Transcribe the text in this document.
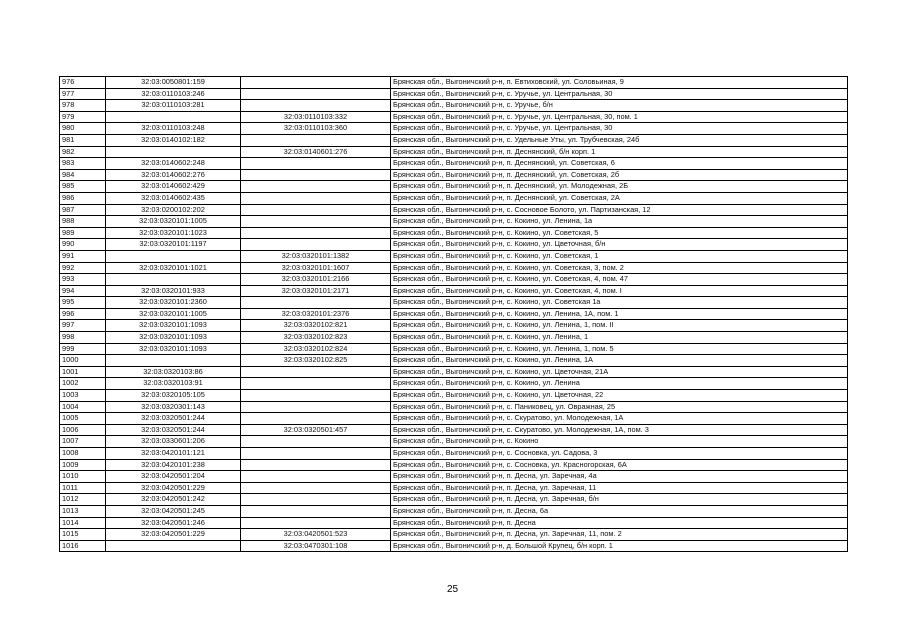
976	32:03:0050801:159		Брянская обл., Выгоничский р-н, п. Евтиховский, ул. Соловьиная, 9
977	32:03:0110103:246		Брянская обл., Выгоничский р-н, с. Уручье, ул. Центральная, 30
978	32:03:0110103:281		Брянская обл., Выгоничский р-н, с. Уручье, б/н
979		32:03:0110103:332	Брянская обл., Выгоничский р-н, с. Уручье, ул. Центральная, 30, пом. 1
980	32:03:0110103:248	32:03:0110103:360	Брянская обл., Выгоничский р-н, с. Уручье, ул. Центральная, 30
981	32:03:0140102:182		Брянская обл., Выгоничский р-н, с. Удельные Уты, ул. Трубчевская, 24б
982		32:03:0140601:276	Брянская обл., Выгоничский р-н, п. Деснянский, б/н корп. 1
983	32:03:0140602:248		Брянская обл., Выгоничский р-н, п. Деснянский, ул. Советская, 6
984	32:03:0140602:276		Брянская обл., Выгоничский р-н, п. Деснянский, ул. Советская, 2б
985	32:03:0140602:429		Брянская обл., Выгоничский р-н, п. Деснянский, ул. Молодежная, 2Б
986	32:03:0140602:435		Брянская обл., Выгоничский р-н, п. Деснянский, ул. Советская, 2А
987	32:03:0200102:202		Брянская обл., Выгоничский р-н, с. Сосновое Болото, ул. Партизанская, 12
988	32:03:0320101:1005		Брянская обл., Выгоничский р-н, с. Кокино, ул. Ленина, 1а
989	32:03:0320101:1023		Брянская обл., Выгоничский р-н, с. Кокино, ул. Советская, 5
990	32:03:0320101:1197		Брянская обл., Выгоничский р-н, с. Кокино, ул. Цветочная, б/н
991		32:03:0320101:1382	Брянская обл., Выгоничский р-н, с. Кокино, ул. Советская, 1
992	32:03:0320101:1021	32:03:0320101:1607	Брянская обл., Выгоничский р-н, с. Кокино, ул. Советская, 3, пом. 2
993		32:03:0320101:2166	Брянская обл., Выгоничский р-н, с. Кокино, ул. Советская, 4, пом. 47
994	32:03:0320101:933	32:03:0320101:2171	Брянская обл., Выгоничский р-н, с. Кокино, ул. Советская, 4, пом. I
995	32:03:0320101:2360		Брянская обл., Выгоничский р-н, с. Кокино, ул. Советская 1а
996	32:03:0320101:1005	32:03:0320101:2376	Брянская обл., Выгоничский р-н, с. Кокино, ул. Ленина, 1А, пом. 1
997	32:03:0320101:1093	32:03:0320102:821	Брянская обл., Выгоничский р-н, с. Кокино, ул. Ленина, 1, пом. II
998	32:03:0320101:1093	32:03:0320102:823	Брянская обл., Выгоничский р-н, с. Кокино, ул. Ленина, 1
999	32:03:0320101:1093	32:03:0320102:824	Брянская обл., Выгоничский р-н, с. Кокино, ул. Ленина, 1, пом. 5
1000		32:03:0320102:825	Брянская обл., Выгоничский р-н, с. Кокино, ул. Ленина, 1А
1001	32:03:0320103:86		Брянская обл., Выгоничский р-н, с. Кокино, ул. Цветочная, 21А
1002	32:03:0320103:91		Брянская обл., Выгоничский р-н, с. Кокино, ул. Ленина
1003	32:03:0320105:105		Брянская обл., Выгоничский р-н, с. Кокино, ул. Цветочная, 22
1004	32:03:0320301:143		Брянская обл., Выгоничский р-н, с. Паниковец, ул. Овражная, 25
1005	32:03:0320501:244		Брянская обл., Выгоничский р-н, с. Скуратово, ул. Молодежная, 1А
1006	32:03:0320501:244	32:03:0320501:457	Брянская обл., Выгоничский р-н, с. Скуратово, ул. Молодежная, 1А, пом. 3
1007	32:03:0330601:206		Брянская обл., Выгоничский р-н, с. Кокино
1008	32:03:0420101:121		Брянская обл., Выгоничский р-н, с. Сосновка, ул. Садова, 3
1009	32:03:0420101:238		Брянская обл., Выгоничский р-н, с. Сосновка, ул. Красногорская, 6А
1010	32:03:0420501:204		Брянская обл., Выгоничский р-н, п. Десна, ул. Заречная, 4а
1011	32:03:0420501:229		Брянская обл., Выгоничский р-н, п. Десна, ул. Заречная, 11
1012	32:03:0420501:242		Брянская обл., Выгоничский р-н, п. Десна, ул. Заречная, б/н
1013	32:03:0420501:245		Брянская обл., Выгоничский р-н, п. Десна, 6а
1014	32:03:0420501:246		Брянская обл., Выгоничский р-н, п. Десна
1015	32:03:0420501:229	32:03:0420501:523	Брянская обл., Выгоничский р-н, п. Десна, ул. Заречная, 11, пом. 2
1016		32:03:0470301:108	Брянская обл., Выгоничский р-н, д. Большой Крупец, б/н корп. 1
25
